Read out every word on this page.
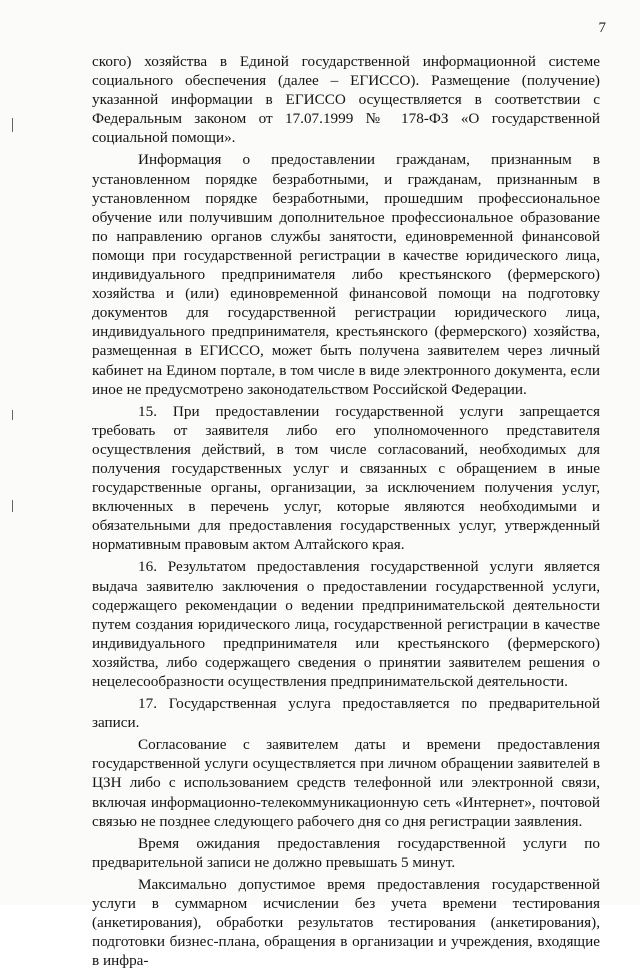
7

ского) хозяйства в Единой государственной информационной системе социального обеспечения (далее – ЕГИССО). Размещение (получение) указанной информации в ЕГИССО осуществляется в соответствии с Федеральным законом от 17.07.1999 № 178-ФЗ «О государственной социальной помощи».

Информация о предоставлении гражданам, признанным в установленном порядке безработными, и гражданам, признанным в установленном порядке безработными, прошедшим профессиональное обучение или получившим дополнительное профессиональное образование по направлению органов службы занятости, единовременной финансовой помощи при государственной регистрации в качестве юридического лица, индивидуального предпринимателя либо крестьянского (фермерского) хозяйства и (или) единовременной финансовой помощи на подготовку документов для государственной регистрации юридического лица, индивидуального предпринимателя, крестьянского (фермерского) хозяйства, размещенная в ЕГИССО, может быть получена заявителем через личный кабинет на Едином портале, в том числе в виде электронного документа, если иное не предусмотрено законодательством Российской Федерации.

15. При предоставлении государственной услуги запрещается требовать от заявителя либо его уполномоченного представителя осуществления действий, в том числе согласований, необходимых для получения государственных услуг и связанных с обращением в иные государственные органы, организации, за исключением получения услуг, включенных в перечень услуг, которые являются необходимыми и обязательными для предоставления государственных услуг, утвержденный нормативным правовым актом Алтайского края.

16. Результатом предоставления государственной услуги является выдача заявителю заключения о предоставлении государственной услуги, содержащего рекомендации о ведении предпринимательской деятельности путем создания юридического лица, государственной регистрации в качестве индивидуального предпринимателя или крестьянского (фермерского) хозяйства, либо содержащего сведения о принятии заявителем решения о нецелесообразности осуществления предпринимательской деятельности.

17. Государственная услуга предоставляется по предварительной записи.

Согласование с заявителем даты и времени предоставления государственной услуги осуществляется при личном обращении заявителей в ЦЗН либо с использованием средств телефонной или электронной связи, включая информационно-телекоммуникационную сеть «Интернет», почтовой связью не позднее следующего рабочего дня со дня регистрации заявления.

Время ожидания предоставления государственной услуги по предварительной записи не должно превышать 5 минут.

Максимально допустимое время предоставления государственной услуги в суммарном исчислении без учета времени тестирования (анкетирования), обработки результатов тестирования (анкетирования), подготовки бизнес-плана, обращения в организации и учреждения, входящие в инфра-
